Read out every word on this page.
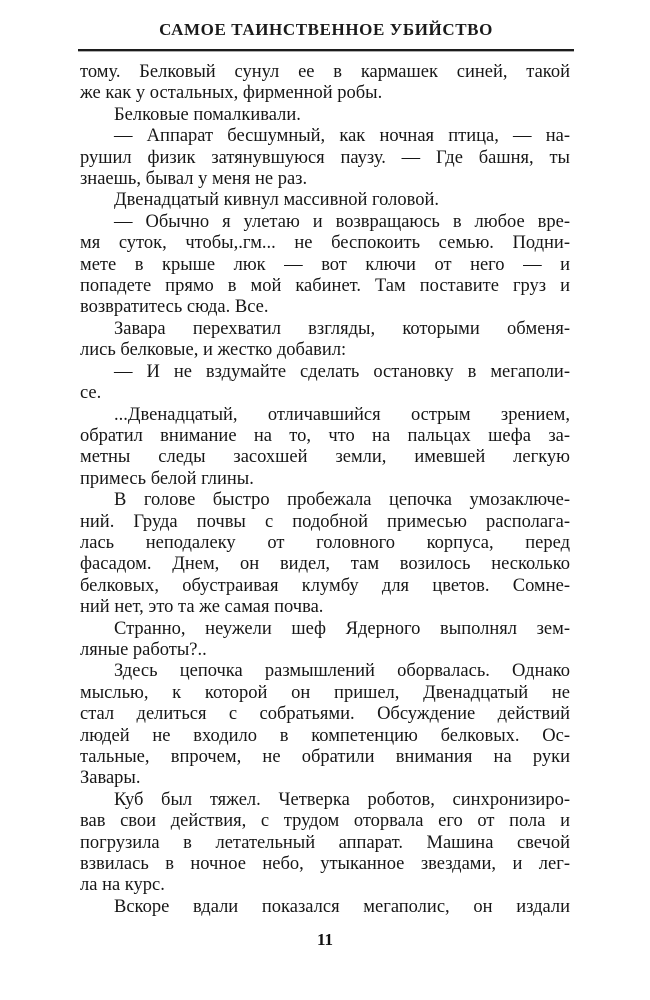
САМОЕ ТАИНСТВЕННОЕ УБИЙСТВО
тому. Белковый сунул ее в кармашек синей, такой
же как у остальных, фирменной робы.
Белковые помалкивали.
— Аппарат бесшумный, как ночная птица, — на-
рушил физик затянувшуюся паузу. — Где башня, ты
знаешь, бывал у меня не раз.
Двенадцатый кивнул массивной головой.
— Обычно я улетаю и возвращаюсь в любое вре-
мя суток, чтобы,.гм... не беспокоить семью. Подни-
мете в крыше люк — вот ключи от него — и
попадете прямо в мой кабинет. Там поставите груз и
возвратитесь сюда. Все.
Завара перехватил взгляды, которыми обменя-
лись белковые, и жестко добавил:
— И не вздумайте сделать остановку в мегаполи-
се.
...Двенадцатый, отличавшийся острым зрением,
обратил внимание на то, что на пальцах шефа за-
метны следы засохшей земли, имевшей легкую
примесь белой глины.
В голове быстро пробежала цепочка умозаключе-
ний. Груда почвы с подобной примесью располага-
лась неподалеку от головного корпуса, перед
фасадом. Днем, он видел, там возилось несколько
белковых, обустраивая клумбу для цветов. Сомне-
ний нет, это та же самая почва.
Странно, неужели шеф Ядерного выполнял зем-
ляные работы?..
Здесь цепочка размышлений оборвалась. Однако
мыслью, к которой он пришел, Двенадцатый не
стал делиться с собратьями. Обсуждение действий
людей не входило в компетенцию белковых. Ос-
тальные, впрочем, не обратили внимания на руки
Завары.
Куб был тяжел. Четверка роботов, синхронизиро-
вав свои действия, с трудом оторвала его от пола и
погрузила в летательный аппарат. Машина свечой
взвилась в ночное небо, утыканное звездами, и лег-
ла на курс.
Вскоре вдали показался мегаполис, он издали
11
